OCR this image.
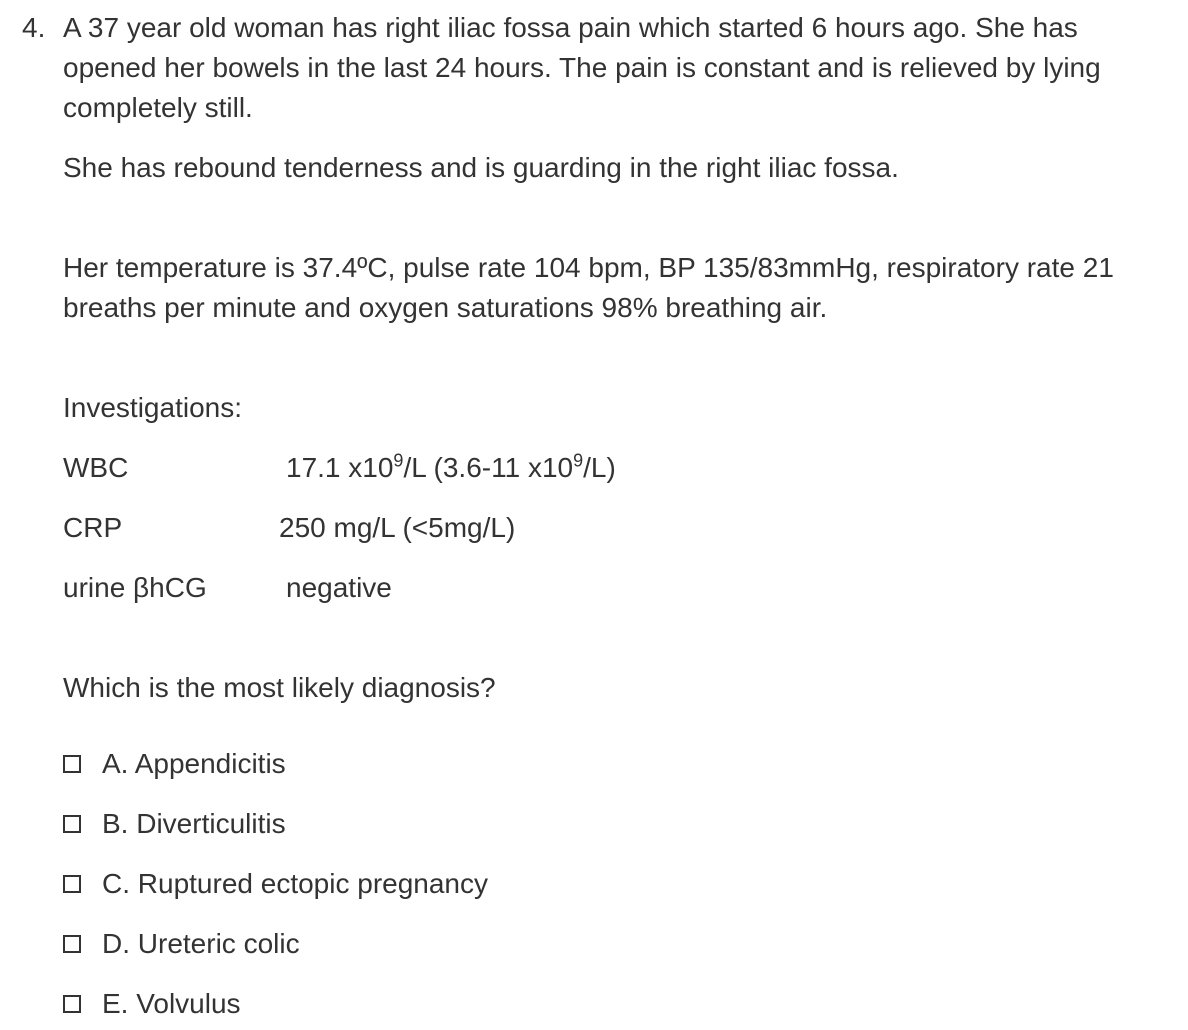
4. A 37 year old woman has right iliac fossa pain which started 6 hours ago. She has
opened her bowels in the last 24 hours. The pain is constant and is relieved by lying
completely still.
She has rebound tenderness and is guarding in the right iliac fossa.
Her temperature is 37.4ºC, pulse rate 104 bpm, BP 135/83mmHg, respiratory rate 21
breaths per minute and oxygen saturations 98% breathing air.
Investigations:
WBC	17.1 $x10^9/L$ (3.6-11 $x10^9/L$)
CRP	250 mg/L (<5mg/L)
urine βhCG	negative
Which is the most likely diagnosis?
A. Appendicitis
B. Diverticulitis
C. Ruptured ectopic pregnancy
D. Ureteric colic
E. Volvulus
